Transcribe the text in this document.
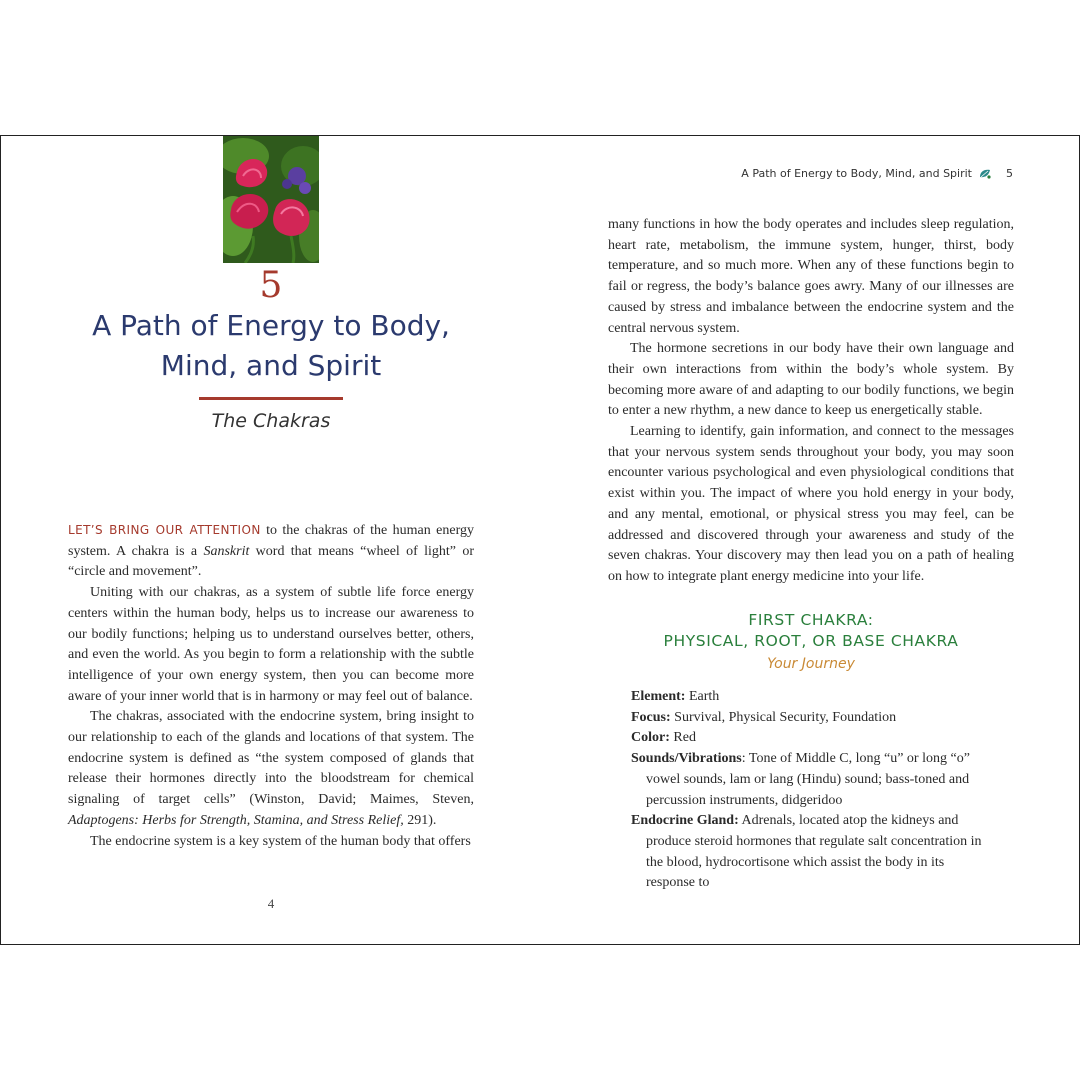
5
A Path of Energy to Body,
Mind, and Spirit
The Chakras

LET’S BRING OUR ATTENTION to the chakras of the human energy system. A chakra is a Sanskrit word that means “wheel of light” or “circle and movement”.

Uniting with our chakras, as a system of subtle life force energy centers within the human body, helps us to increase our awareness to our bodily functions; helping us to understand ourselves better, others, and even the world. As you begin to form a relationship with the subtle intelligence of your own energy system, then you can become more aware of your inner world that is in harmony or may feel out of balance.

The chakras, associated with the endocrine system, bring insight to our relationship to each of the glands and locations of that system. The endocrine system is defined as “the system composed of glands that release their hormones directly into the bloodstream for chemical signaling of target cells” (Winston, David; Maimes, Steven, Adaptogens: Herbs for Strength, Stamina, and Stress Relief, 291).

The endocrine system is a key system of the human body that offers

4
A Path of Energy to Body, Mind, and Spirit	5

many functions in how the body operates and includes sleep regulation, heart rate, metabolism, the immune system, hunger, thirst, body temperature, and so much more. When any of these functions begin to fail or regress, the body’s balance goes awry. Many of our illnesses are caused by stress and imbalance between the endocrine system and the central nervous system.

The hormone secretions in our body have their own language and their own interactions from within the body’s whole system. By becoming more aware of and adapting to our bodily functions, we begin to enter a new rhythm, a new dance to keep us energetically stable.

Learning to identify, gain information, and connect to the messages that your nervous system sends throughout your body, you may soon encounter various psychological and even physiological conditions that exist within you. The impact of where you hold energy in your body, and any mental, emotional, or physical stress you may feel, can be addressed and discovered through your awareness and study of the seven chakras. Your discovery may then lead you on a path of healing on how to integrate plant energy medicine into your life.

FIRST CHAKRA:
PHYSICAL, ROOT, OR BASE CHAKRA
Your Journey

Element: Earth

Focus: Survival, Physical Security, Foundation

Color: Red

Sounds/Vibrations: Tone of Middle C, long “u” or long “o” vowel sounds, lam or lang (Hindu) sound; bass-toned and percussion instruments, didgeridoo

Endocrine Gland: Adrenals, located atop the kidneys and produce steroid hormones that regulate salt concentration in the blood, hydrocortisone which assist the body in its response to
